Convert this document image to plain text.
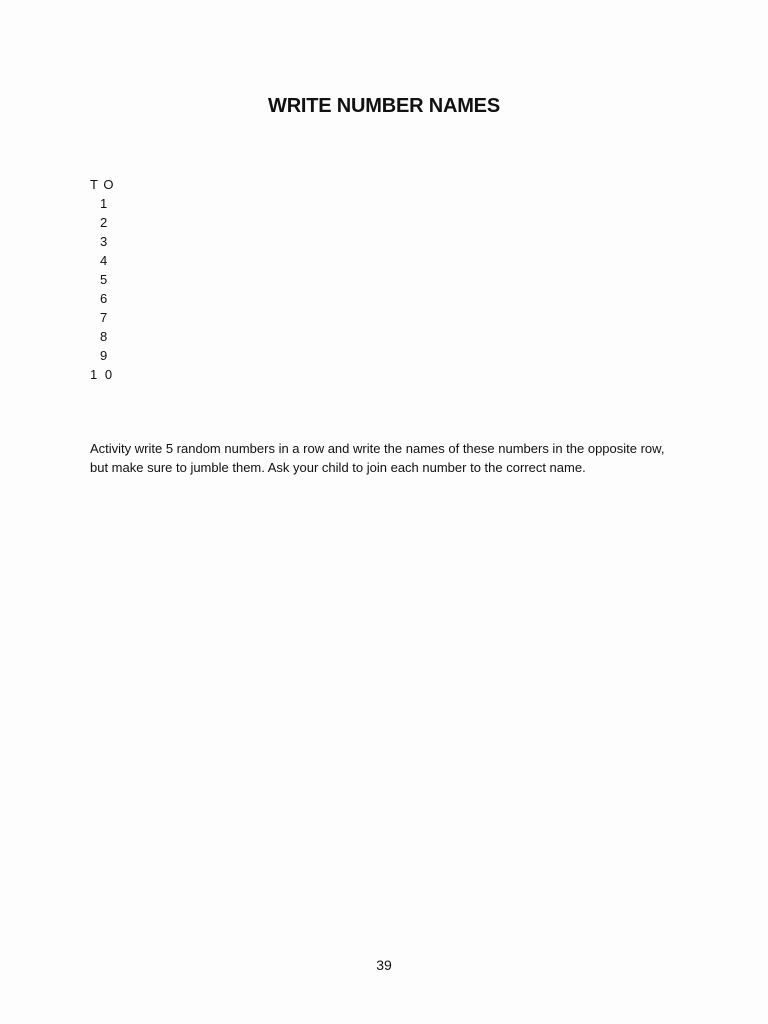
WRITE NUMBER NAMES
T O
1
2
3
4
5
6
7
8
9
1 0

Activity write 5 random numbers in a row and write the names of these numbers in the opposite row, but make sure to jumble them. Ask your child to join each number to the correct name.

39
